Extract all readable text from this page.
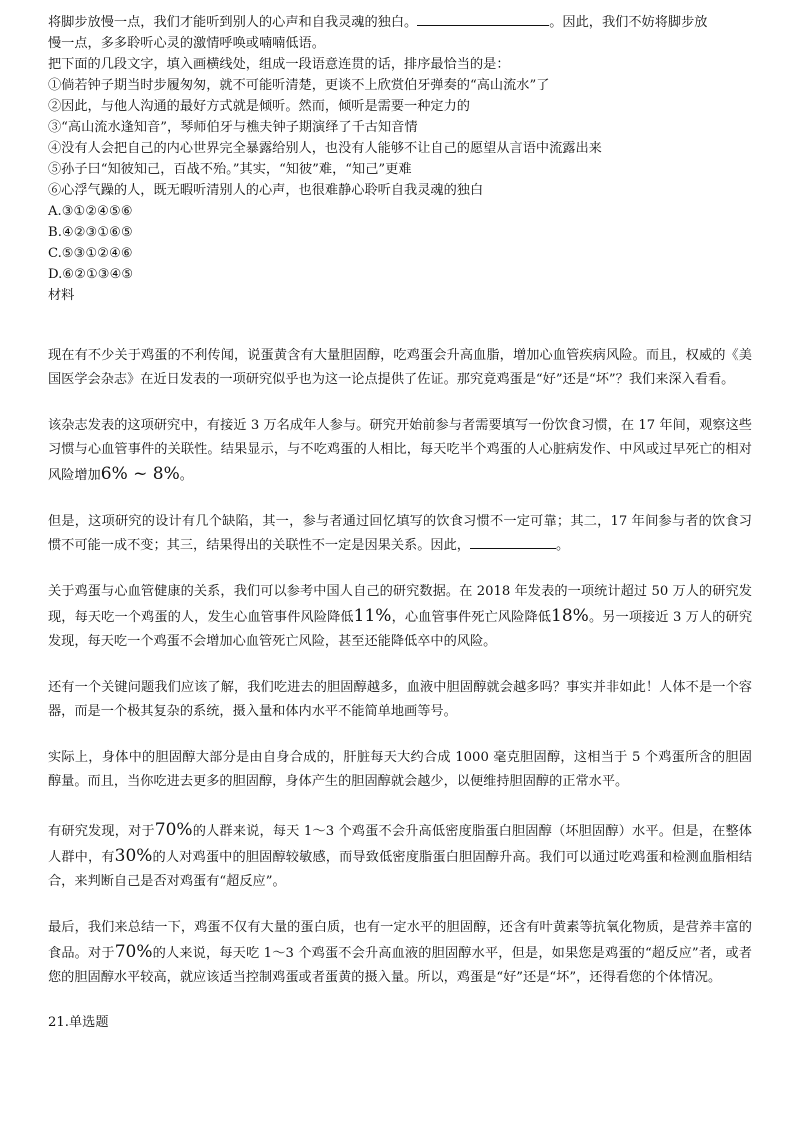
将脚步放慢一点，我们才能听到别人的心声和自我灵魂的独白。	。因此，我们不妨将脚步放
慢一点，多多聆听心灵的激情呼唤或喃喃低语。
把下面的几段文字，填入画横线处，组成一段语意连贯的话，排序最恰当的是：
①倘若钟子期当时步履匆匆，就不可能听清楚，更谈不上欣赏伯牙弹奏的“高山流水”了
②因此，与他人沟通的最好方式就是倾听。然而，倾听是需要一种定力的
③“高山流水逢知音”，琴师伯牙与樵夫钟子期演绎了千古知音情
④没有人会把自己的内心世界完全暴露给别人，也没有人能够不让自己的愿望从言语中流露出来
⑤孙子曰“知彼知己，百战不殆。”其实，“知彼”难，“知己”更难
⑥心浮气躁的人，既无暇听清别人的心声，也很难静心聆听自我灵魂的独白
A.③①②④⑤⑥
B.④②③①⑥⑤
C.⑤③①②④⑥
D.⑥②①③④⑤
材料
现在有不少关于鸡蛋的不利传闻，说蛋黄含有大量胆固醇，吃鸡蛋会升高血脂，增加心血管疾病风险。而且，权威的《美国医学会杂志》在近日发表的一项研究似乎也为这一论点提供了佐证。那究竟鸡蛋是“好”还是“坏”？我们来深入看看。
该杂志发表的这项研究中，有接近 3 万名成年人参与。研究开始前参与者需要填写一份饮食习惯，在 17 年间，观察这些习惯与心血管事件的关联性。结果显示，与不吃鸡蛋的人相比，每天吃半个鸡蛋的人心脏病发作、中风或过早死亡的相对风险增加6% ~ 8%。
但是，这项研究的设计有几个缺陷，其一，参与者通过回忆填写的饮食习惯不一定可靠；其二，17 年间参与者的饮食习惯不可能一成不变；其三，结果得出的关联性不一定是因果关系。因此，	。
关于鸡蛋与心血管健康的关系，我们可以参考中国人自己的研究数据。在 2018 年发表的一项统计超过 50 万人的研究发现，每天吃一个鸡蛋的人，发生心血管事件风险降低11%，心血管事件死亡风险降低18%。另一项接近 3 万人的研究发现，每天吃一个鸡蛋不会增加心血管死亡风险，甚至还能降低卒中的风险。
还有一个关键问题我们应该了解，我们吃进去的胆固醇越多，血液中胆固醇就会越多吗？事实并非如此！人体不是一个容器，而是一个极其复杂的系统，摄入量和体内水平不能简单地画等号。
实际上，身体中的胆固醇大部分是由自身合成的，肝脏每天大约合成 1000 毫克胆固醇，这相当于 5 个鸡蛋所含的胆固醇量。而且，当你吃进去更多的胆固醇，身体产生的胆固醇就会越少，以便维持胆固醇的正常水平。
有研究发现，对于70%的人群来说，每天 1～3 个鸡蛋不会升高低密度脂蛋白胆固醇（坏胆固醇）水平。但是，在整体人群中，有30%的人对鸡蛋中的胆固醇较敏感，而导致低密度脂蛋白胆固醇升高。我们可以通过吃鸡蛋和检测血脂相结合，来判断自己是否对鸡蛋有“超反应”。
最后，我们来总结一下，鸡蛋不仅有大量的蛋白质，也有一定水平的胆固醇，还含有叶黄素等抗氧化物质，是营养丰富的食品。对于70%的人来说，每天吃 1～3 个鸡蛋不会升高血液的胆固醇水平，但是，如果您是鸡蛋的“超反应”者，或者您的胆固醇水平较高，就应该适当控制鸡蛋或者蛋黄的摄入量。所以，鸡蛋是“好”还是“坏”，还得看您的个体情况。
21.单选题
